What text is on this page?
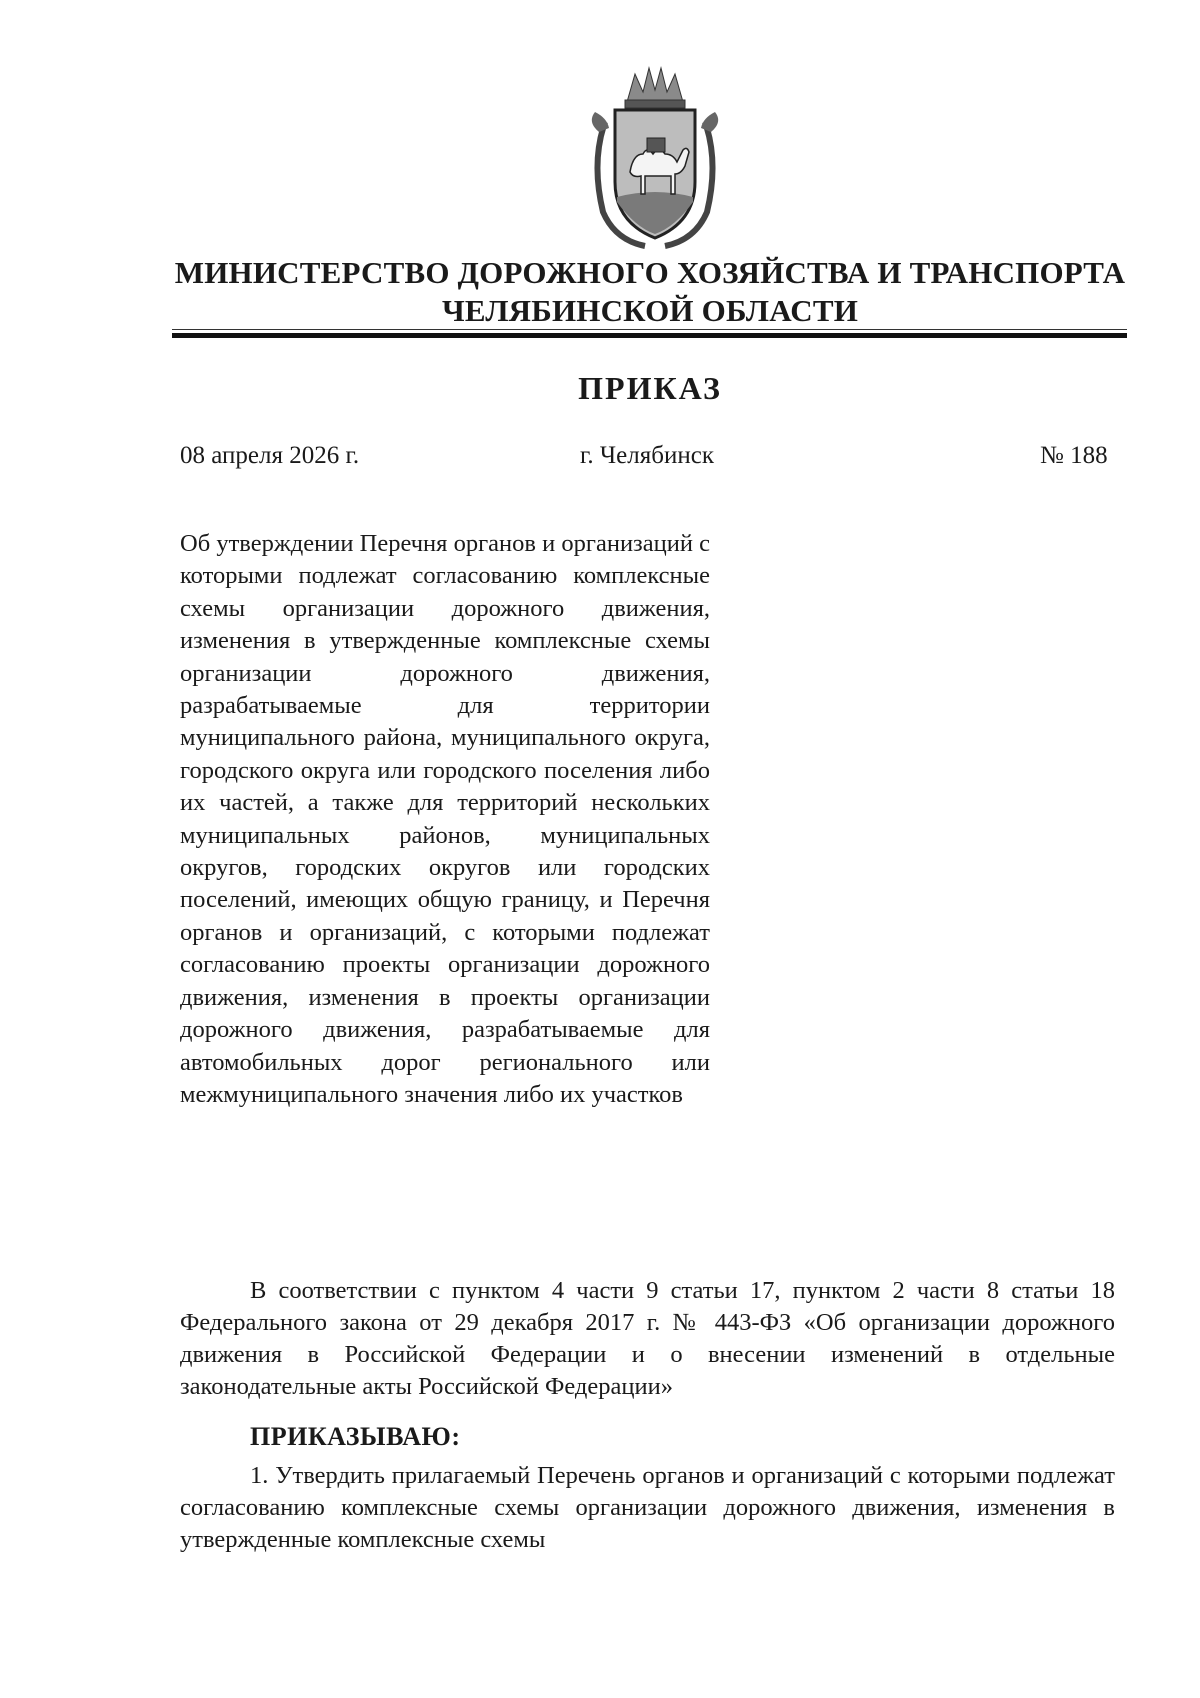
МИНИСТЕРСТВО ДОРОЖНОГО ХОЗЯЙСТВА И ТРАНСПОРТА
ЧЕЛЯБИНСКОЙ ОБЛАСТИ
ПРИКАЗ
08 апреля 2026 г.	г. Челябинск	№ 188
Об утверждении Перечня органов и организаций с которыми подлежат согласованию комплексные схемы организации дорожного движения, изменения в утвержденные комплексные схемы организации дорожного движения, разрабатываемые для территории муниципального района, муниципального округа, городского округа или городского поселения либо их частей, а также для территорий нескольких муниципальных районов, муниципальных округов, городских округов или городских поселений, имеющих общую границу, и Перечня органов и организаций, с которыми подлежат согласованию проекты организации дорожного движения, изменения в проекты организации дорожного движения, разрабатываемые для автомобильных дорог регионального или межмуниципального значения либо их участков
В соответствии с пунктом 4 части 9 статьи 17, пунктом 2 части 8 статьи 18 Федерального закона от 29 декабря 2017 г. № 443-ФЗ «Об организации дорожного движения в Российской Федерации и о внесении изменений в отдельные законодательные акты Российской Федерации»
ПРИКАЗЫВАЮ:
1. Утвердить прилагаемый Перечень органов и организаций с которыми подлежат согласованию комплексные схемы организации дорожного движения, изменения в утвержденные комплексные схемы
